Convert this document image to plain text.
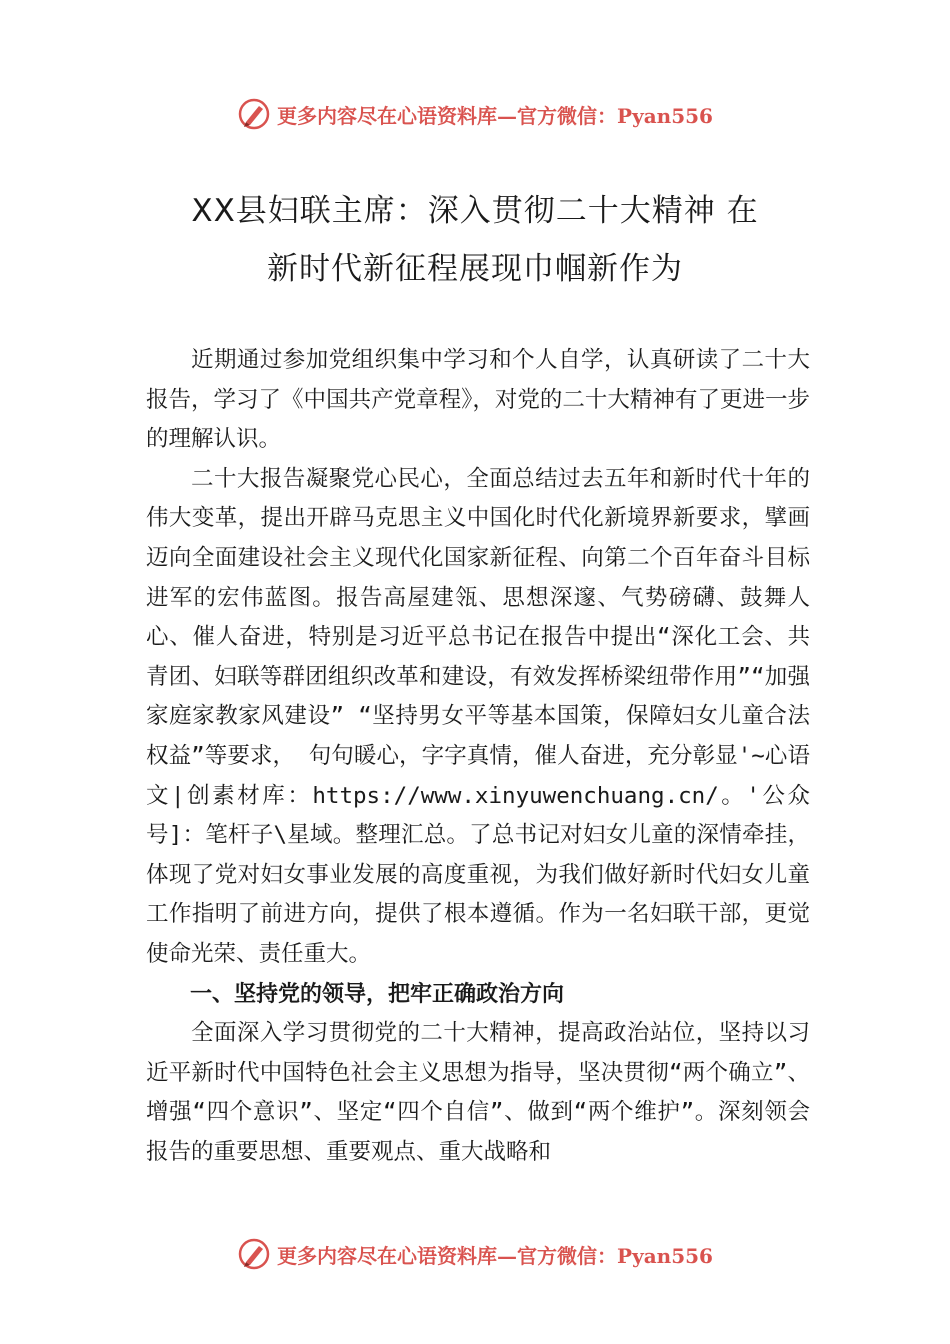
更多内容尽在心语资料库—官方微信：Pyan556
XX县妇联主席：深入贯彻二十大精神 在
新时代新征程展现巾帼新作为

近期通过参加党组织集中学习和个人自学，认真研读了二十大报告，学习了《中国共产党章程》，对党的二十大精神有了更进一步的理解认识。

二十大报告凝聚党心民心，全面总结过去五年和新时代十年的伟大变革，提出开辟马克思主义中国化时代化新境界新要求，擘画迈向全面建设社会主义现代化国家新征程、向第二个百年奋斗目标进军的宏伟蓝图。报告高屋建瓴、思想深邃、气势磅礴、鼓舞人心、催人奋进，特别是习近平总书记在报告中提出“深化工会、共青团、妇联等群团组织改革和建设，有效发挥桥梁纽带作用”“加强家庭家教家风建设” “坚持男女平等基本国策，保障妇女儿童合法权益”等要求， 句句暖心，字字真情，催人奋进，充分彰显'~心语文|创素材库：https://www.xinyuwenchuang.cn/。'公众号]：笔杆子\星域。整理汇总。了总书记对妇女儿童的深情牵挂，体现了党对妇女事业发展的高度重视，为我们做好新时代妇女儿童工作指明了前进方向，提供了根本遵循。作为一名妇联干部，更觉使命光荣、责任重大。

一、坚持党的领导，把牢正确政治方向

全面深入学习贯彻党的二十大精神，提高政治站位，坚持以习近平新时代中国特色社会主义思想为指导，坚决贯彻“两个确立”、增强“四个意识”、坚定“四个自信”、做到“两个维护”。深刻领会报告的重要思想、重要观点、重大战略和

更多内容尽在心语资料库—官方微信：Pyan556
